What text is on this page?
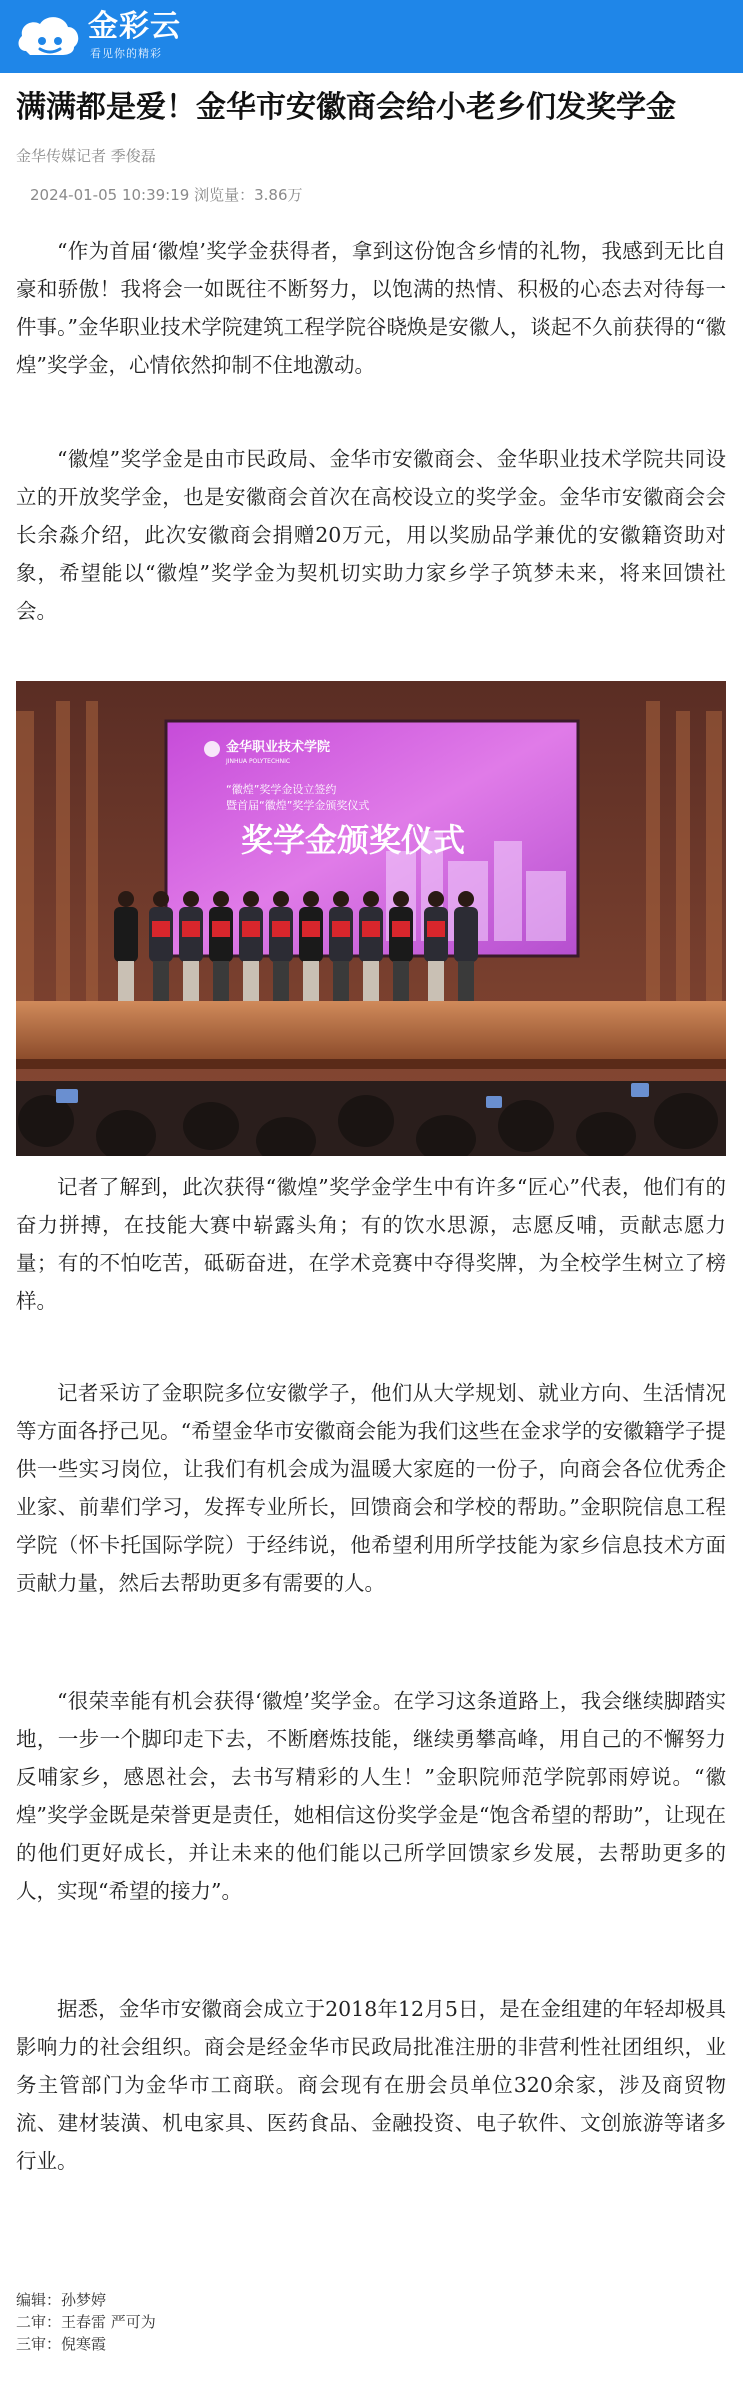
金彩云
看见你的精彩
满满都是爱！金华市安徽商会给小老乡们发奖学金
金华传媒记者 季俊磊
2024-01-05 10:39:19 浏览量：3.86万
“作为首届‘徽煌’奖学金获得者，拿到这份饱含乡情的礼物，我感到无比自豪和骄傲！我将会一如既往不断努力，以饱满的热情、积极的心态去对待每一件事。”金华职业技术学院建筑工程学院谷晓焕是安徽人，谈起不久前获得的“徽煌”奖学金，心情依然抑制不住地激动。
“徽煌”奖学金是由市民政局、金华市安徽商会、金华职业技术学院共同设立的开放奖学金，也是安徽商会首次在高校设立的奖学金。金华市安徽商会会长余淼介绍，此次安徽商会捐赠20万元，用以奖励品学兼优的安徽籍资助对象，希望能以“徽煌”奖学金为契机切实助力家乡学子筑梦未来，将来回馈社会。
金华职业技术学院
JINHUA POLYTECHNIC
“徽煌”奖学金设立签约
暨首届“徽煌”奖学金颁奖仪式
奖学金颁奖仪式
记者了解到，此次获得“徽煌”奖学金学生中有许多“匠心”代表，他们有的奋力拼搏，在技能大赛中崭露头角；有的饮水思源，志愿反哺，贡献志愿力量；有的不怕吃苦，砥砺奋进，在学术竞赛中夺得奖牌，为全校学生树立了榜样。
记者采访了金职院多位安徽学子，他们从大学规划、就业方向、生活情况等方面各抒己见。“希望金华市安徽商会能为我们这些在金求学的安徽籍学子提供一些实习岗位，让我们有机会成为温暖大家庭的一份子，向商会各位优秀企业家、前辈们学习，发挥专业所长，回馈商会和学校的帮助。”金职院信息工程学院（怀卡托国际学院）于经纬说，他希望利用所学技能为家乡信息技术方面贡献力量，然后去帮助更多有需要的人。
“很荣幸能有机会获得‘徽煌’奖学金。在学习这条道路上，我会继续脚踏实地，一步一个脚印走下去，不断磨炼技能，继续勇攀高峰，用自己的不懈努力反哺家乡，感恩社会，去书写精彩的人生！”金职院师范学院郭雨婷说。“徽煌”奖学金既是荣誉更是责任，她相信这份奖学金是“饱含希望的帮助”，让现在的他们更好成长，并让未来的他们能以己所学回馈家乡发展，去帮助更多的人，实现“希望的接力”。
据悉，金华市安徽商会成立于2018年12月5日，是在金组建的年轻却极具影响力的社会组织。商会是经金华市民政局批准注册的非营利性社团组织，业务主管部门为金华市工商联。商会现有在册会员单位320余家，涉及商贸物流、建材装潢、机电家具、医药食品、金融投资、电子软件、文创旅游等诸多行业。
编辑：孙梦婷
二审：王春雷 严可为
三审：倪寒霞
